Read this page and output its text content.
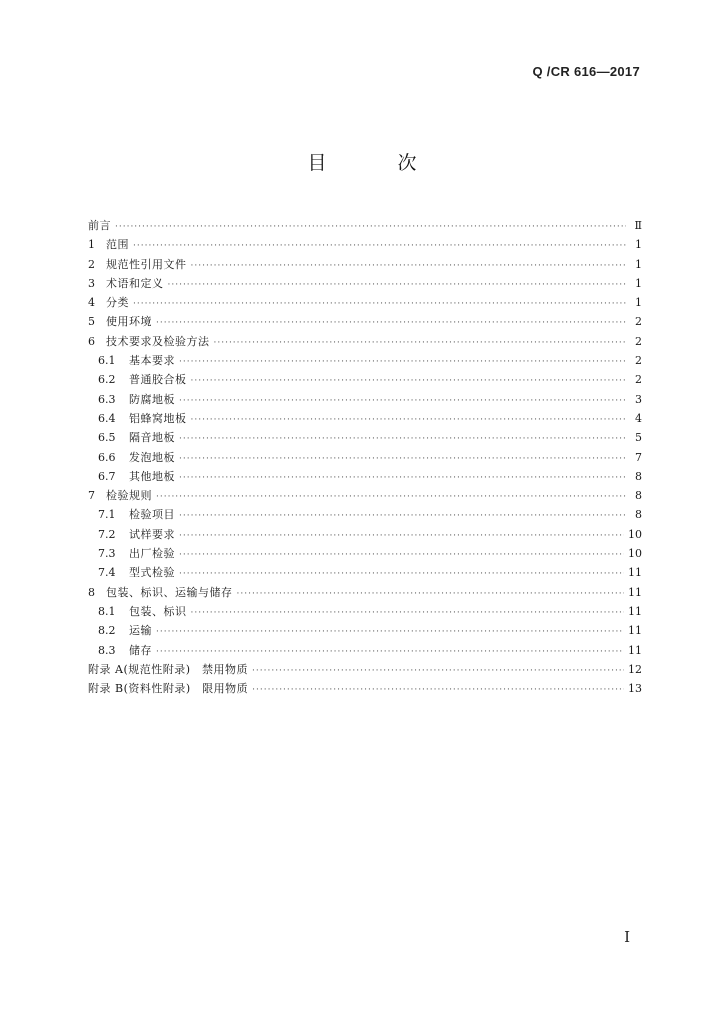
Q /CR 616—2017
目　次
前言 ·····	Ⅱ
1	范围 ·····	1
2	规范性引用文件 ·····	1
3	术语和定义 ·····	1
4	分类 ·····	1
5	使用环境 ·····	2
6	技术要求及检验方法 ·····	2
6.1	基本要求 ·····	2
6.2	普通胶合板 ·····	2
6.3	防腐地板 ·····	3
6.4	铝蜂窝地板 ·····	4
6.5	隔音地板 ·····	5
6.6	发泡地板 ·····	7
6.7	其他地板 ·····	8
7	检验规则 ·····	8
7.1	检验项目 ·····	8
7.2	试样要求 ·····	10
7.3	出厂检验 ·····	10
7.4	型式检验 ·····	11
8	包装、标识、运输与储存 ·····	11
8.1	包装、标识 ·····	11
8.2	运输 ·····	11
8.3	储存 ·····	11
附录 A(规范性附录)　禁用物质 ·····	12
附录 B(资料性附录)　限用物质 ·····	13
I
